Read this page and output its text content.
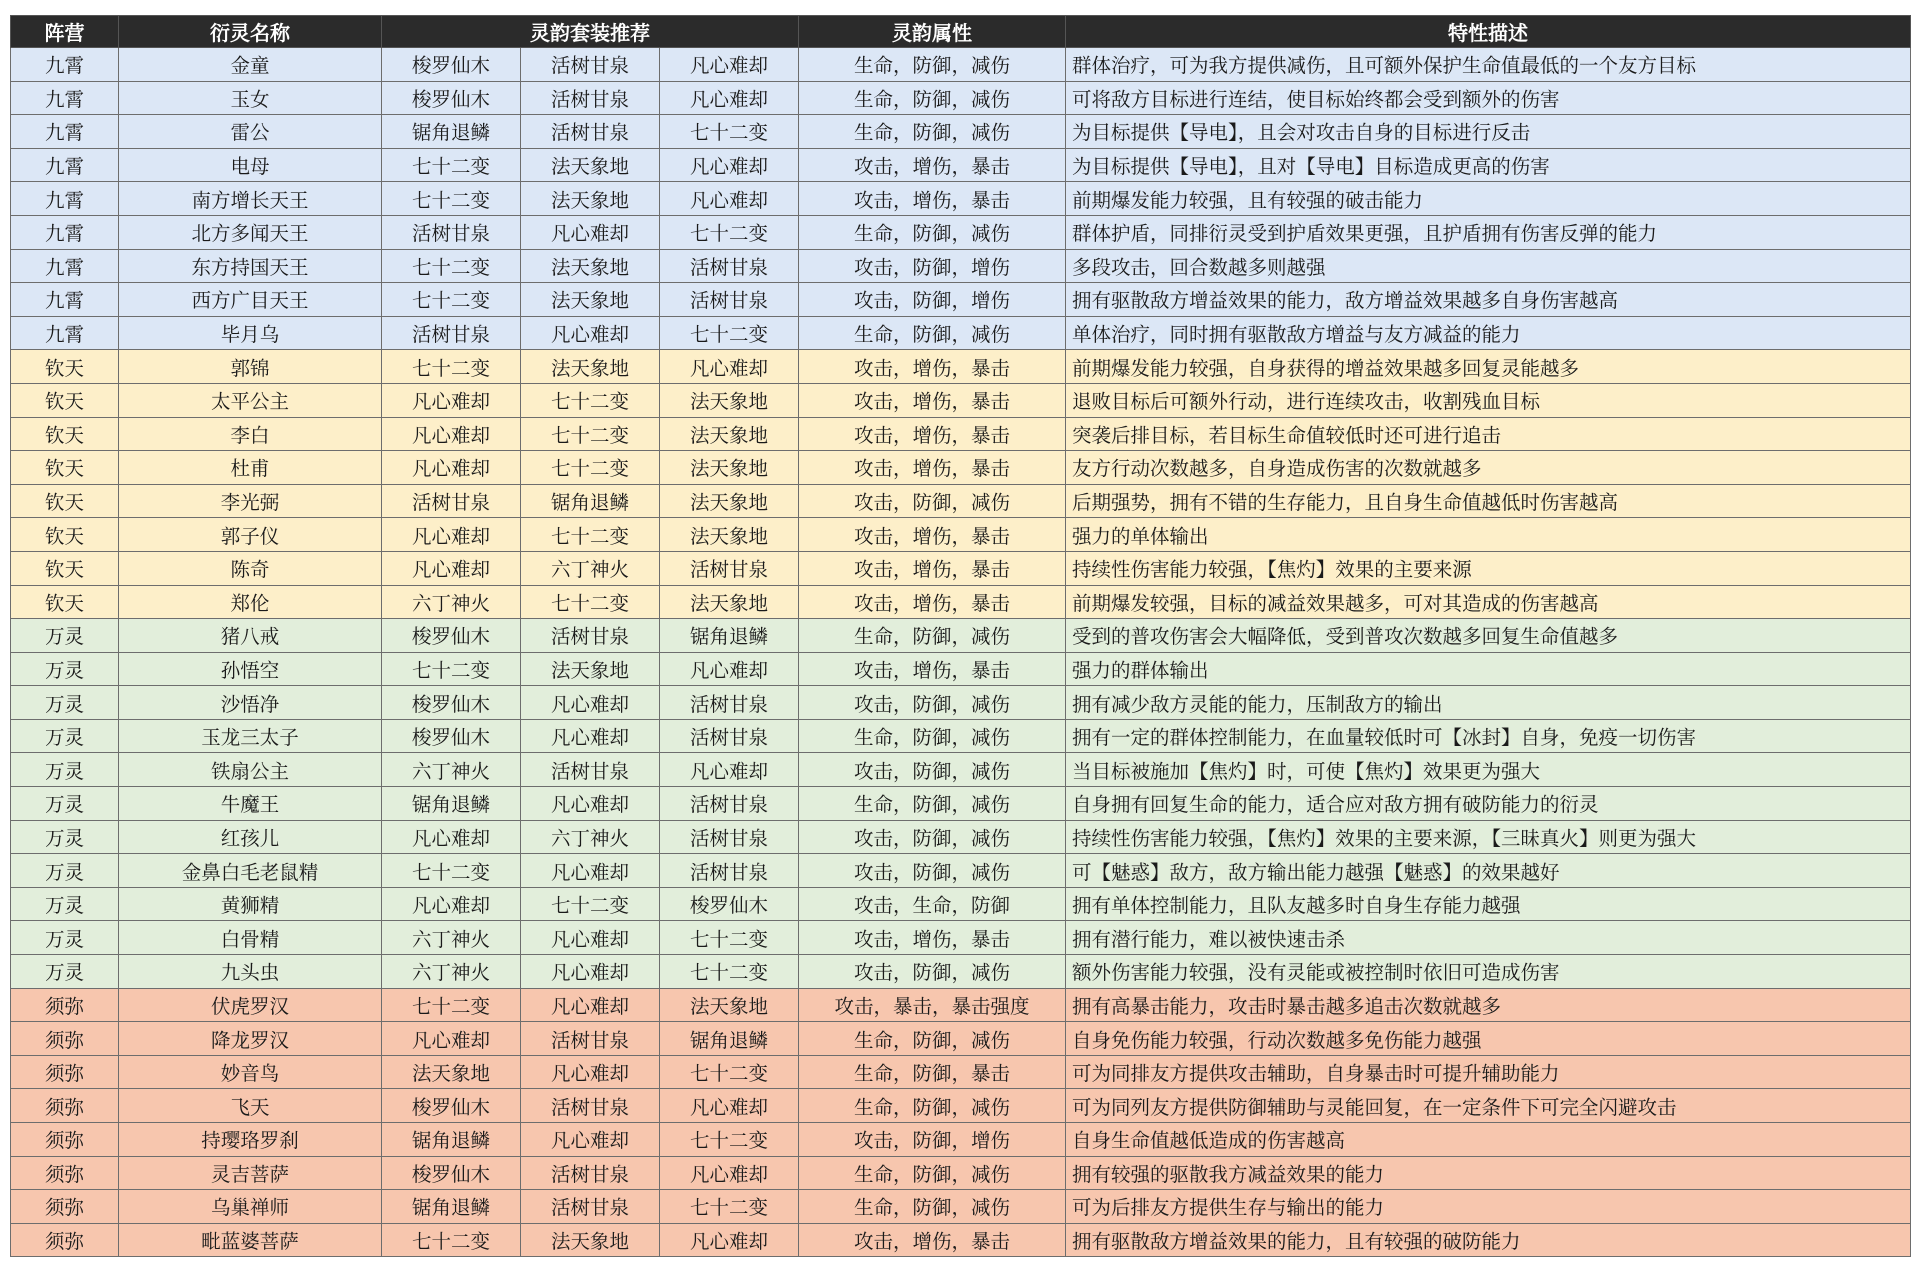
阵营	衍灵名称	灵韵套装推荐			灵韵属性	特性描述
九霄	金童	梭罗仙木	活树甘泉	凡心难却	生命，防御，减伤	群体治疗，可为我方提供减伤，且可额外保护生命值最低的一个友方目标
九霄	玉女	梭罗仙木	活树甘泉	凡心难却	生命，防御，减伤	可将敌方目标进行连结，使目标始终都会受到额外的伤害
九霄	雷公	锯角退鳞	活树甘泉	七十二变	生命，防御，减伤	为目标提供【导电】，且会对攻击自身的目标进行反击
九霄	电母	七十二变	法天象地	凡心难却	攻击，增伤，暴击	为目标提供【导电】，且对【导电】目标造成更高的伤害
九霄	南方增长天王	七十二变	法天象地	凡心难却	攻击，增伤，暴击	前期爆发能力较强，且有较强的破击能力
九霄	北方多闻天王	活树甘泉	凡心难却	七十二变	生命，防御，减伤	群体护盾，同排衍灵受到护盾效果更强，且护盾拥有伤害反弹的能力
九霄	东方持国天王	七十二变	法天象地	活树甘泉	攻击，防御，增伤	多段攻击，回合数越多则越强
九霄	西方广目天王	七十二变	法天象地	活树甘泉	攻击，防御，增伤	拥有驱散敌方增益效果的能力，敌方增益效果越多自身伤害越高
九霄	毕月乌	活树甘泉	凡心难却	七十二变	生命，防御，减伤	单体治疗，同时拥有驱散敌方增益与友方减益的能力
钦天	郭锦	七十二变	法天象地	凡心难却	攻击，增伤，暴击	前期爆发能力较强，自身获得的增益效果越多回复灵能越多
钦天	太平公主	凡心难却	七十二变	法天象地	攻击，增伤，暴击	退败目标后可额外行动，进行连续攻击，收割残血目标
钦天	李白	凡心难却	七十二变	法天象地	攻击，增伤，暴击	突袭后排目标，若目标生命值较低时还可进行追击
钦天	杜甫	凡心难却	七十二变	法天象地	攻击，增伤，暴击	友方行动次数越多，自身造成伤害的次数就越多
钦天	李光弼	活树甘泉	锯角退鳞	法天象地	攻击，防御，减伤	后期强势，拥有不错的生存能力，且自身生命值越低时伤害越高
钦天	郭子仪	凡心难却	七十二变	法天象地	攻击，增伤，暴击	强力的单体输出
钦天	陈奇	凡心难却	六丁神火	活树甘泉	攻击，增伤，暴击	持续性伤害能力较强，【焦灼】效果的主要来源
钦天	郑伦	六丁神火	七十二变	法天象地	攻击，增伤，暴击	前期爆发较强，目标的减益效果越多，可对其造成的伤害越高
万灵	猪八戒	梭罗仙木	活树甘泉	锯角退鳞	生命，防御，减伤	受到的普攻伤害会大幅降低，受到普攻次数越多回复生命值越多
万灵	孙悟空	七十二变	法天象地	凡心难却	攻击，增伤，暴击	强力的群体输出
万灵	沙悟净	梭罗仙木	凡心难却	活树甘泉	攻击，防御，减伤	拥有减少敌方灵能的能力，压制敌方的输出
万灵	玉龙三太子	梭罗仙木	凡心难却	活树甘泉	生命，防御，减伤	拥有一定的群体控制能力，在血量较低时可【冰封】自身，免疫一切伤害
万灵	铁扇公主	六丁神火	活树甘泉	凡心难却	攻击，防御，减伤	当目标被施加【焦灼】时，可使【焦灼】效果更为强大
万灵	牛魔王	锯角退鳞	凡心难却	活树甘泉	生命，防御，减伤	自身拥有回复生命的能力，适合应对敌方拥有破防能力的衍灵
万灵	红孩儿	凡心难却	六丁神火	活树甘泉	攻击，防御，减伤	持续性伤害能力较强，【焦灼】效果的主要来源，【三昧真火】则更为强大
万灵	金鼻白毛老鼠精	七十二变	凡心难却	活树甘泉	攻击，防御，减伤	可【魅惑】敌方，敌方输出能力越强【魅惑】的效果越好
万灵	黄狮精	凡心难却	七十二变	梭罗仙木	攻击，生命，防御	拥有单体控制能力，且队友越多时自身生存能力越强
万灵	白骨精	六丁神火	凡心难却	七十二变	攻击，增伤，暴击	拥有潜行能力，难以被快速击杀
万灵	九头虫	六丁神火	凡心难却	七十二变	攻击，防御，减伤	额外伤害能力较强，没有灵能或被控制时依旧可造成伤害
须弥	伏虎罗汉	七十二变	凡心难却	法天象地	攻击，暴击，暴击强度	拥有高暴击能力，攻击时暴击越多追击次数就越多
须弥	降龙罗汉	凡心难却	活树甘泉	锯角退鳞	生命，防御，减伤	自身免伤能力较强，行动次数越多免伤能力越强
须弥	妙音鸟	法天象地	凡心难却	七十二变	生命，防御，暴击	可为同排友方提供攻击辅助，自身暴击时可提升辅助能力
须弥	飞天	梭罗仙木	活树甘泉	凡心难却	生命，防御，减伤	可为同列友方提供防御辅助与灵能回复，在一定条件下可完全闪避攻击
须弥	持璎珞罗刹	锯角退鳞	凡心难却	七十二变	攻击，防御，增伤	自身生命值越低造成的伤害越高
须弥	灵吉菩萨	梭罗仙木	活树甘泉	凡心难却	生命，防御，减伤	拥有较强的驱散我方减益效果的能力
须弥	乌巢禅师	锯角退鳞	活树甘泉	七十二变	生命，防御，减伤	可为后排友方提供生存与输出的能力
须弥	毗蓝婆菩萨	七十二变	法天象地	凡心难却	攻击，增伤，暴击	拥有驱散敌方增益效果的能力，且有较强的破防能力
